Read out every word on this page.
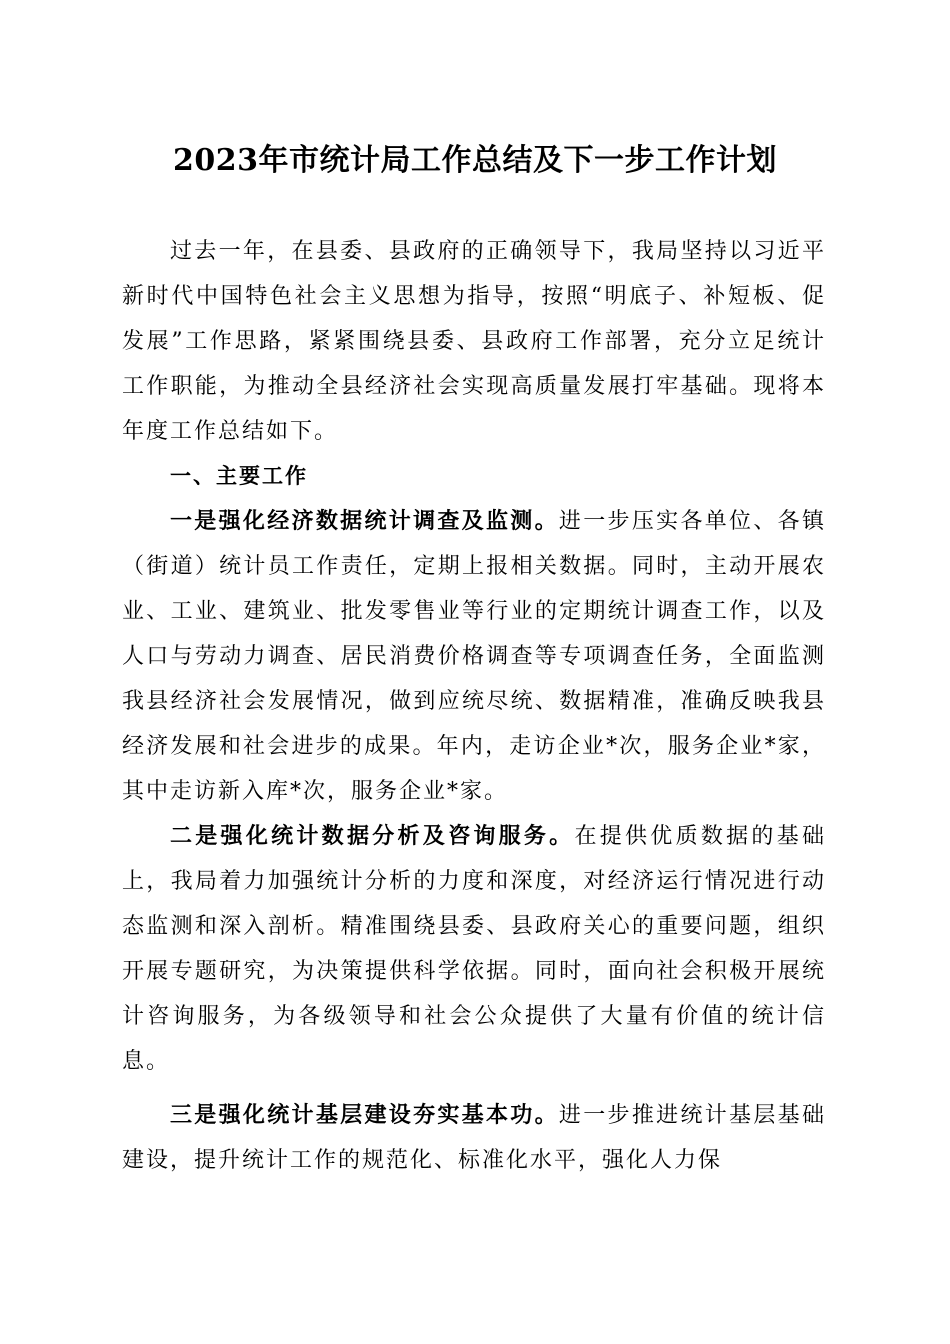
2023年市统计局工作总结及下一步工作计划

过去一年，在县委、县政府的正确领导下，我局坚持以习近平新时代中国特色社会主义思想为指导，按照“明底子、补短板、促发展”工作思路，紧紧围绕县委、县政府工作部署，充分立足统计工作职能，为推动全县经济社会实现高质量发展打牢基础。现将本年度工作总结如下。

一、主要工作

一是强化经济数据统计调查及监测。进一步压实各单位、各镇（街道）统计员工作责任，定期上报相关数据。同时，主动开展农业、工业、建筑业、批发零售业等行业的定期统计调查工作，以及人口与劳动力调查、居民消费价格调查等专项调查任务，全面监测我县经济社会发展情况，做到应统尽统、数据精准，准确反映我县经济发展和社会进步的成果。年内，走访企业*次，服务企业*家，其中走访新入库*次，服务企业*家。

二是强化统计数据分析及咨询服务。在提供优质数据的基础上，我局着力加强统计分析的力度和深度，对经济运行情况进行动态监测和深入剖析。精准围绕县委、县政府关心的重要问题，组织开展专题研究，为决策提供科学依据。同时，面向社会积极开展统计咨询服务，为各级领导和社会公众提供了大量有价值的统计信息。

三是强化统计基层建设夯实基本功。进一步推进统计基层基础建设，提升统计工作的规范化、标准化水平，强化人力保
